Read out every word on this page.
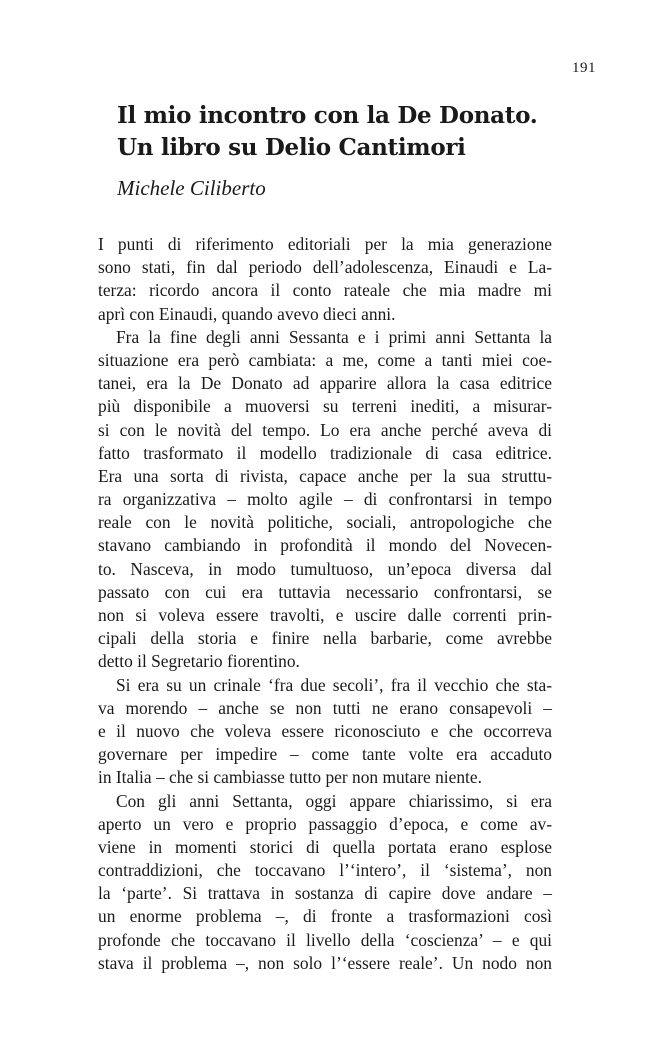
191
Il mio incontro con la De Donato.
Un libro su Delio Cantimori
Michele Ciliberto
I punti di riferimento editoriali per la mia generazione
sono stati, fin dal periodo dell’adolescenza, Einaudi e La-
terza: ricordo ancora il conto rateale che mia madre mi
aprì con Einaudi, quando avevo dieci anni.
Fra la fine degli anni Sessanta e i primi anni Settanta la
situazione era però cambiata: a me, come a tanti miei coe-
tanei, era la De Donato ad apparire allora la casa editrice
più disponibile a muoversi su terreni inediti, a misurar-
si con le novità del tempo. Lo era anche perché aveva di
fatto trasformato il modello tradizionale di casa editrice.
Era una sorta di rivista, capace anche per la sua struttu-
ra organizzativa – molto agile – di confrontarsi in tempo
reale con le novità politiche, sociali, antropologiche che
stavano cambiando in profondità il mondo del Novecen-
to. Nasceva, in modo tumultuoso, un’epoca diversa dal
passato con cui era tuttavia necessario confrontarsi, se
non si voleva essere travolti, e uscire dalle correnti prin-
cipali della storia e finire nella barbarie, come avrebbe
detto il Segretario fiorentino.
Si era su un crinale ‘fra due secoli’, fra il vecchio che sta-
va morendo – anche se non tutti ne erano consapevoli –
e il nuovo che voleva essere riconosciuto e che occorreva
governare per impedire – come tante volte era accaduto
in Italia – che si cambiasse tutto per non mutare niente.
Con gli anni Settanta, oggi appare chiarissimo, si era
aperto un vero e proprio passaggio d’epoca, e come av-
viene in momenti storici di quella portata erano esplose
contraddizioni, che toccavano l’‘intero’, il ‘sistema’, non
la ‘parte’. Si trattava in sostanza di capire dove andare –
un enorme problema –, di fronte a trasformazioni così
profonde che toccavano il livello della ‘coscienza’ – e qui
stava il problema –, non solo l’‘essere reale’. Un nodo non
